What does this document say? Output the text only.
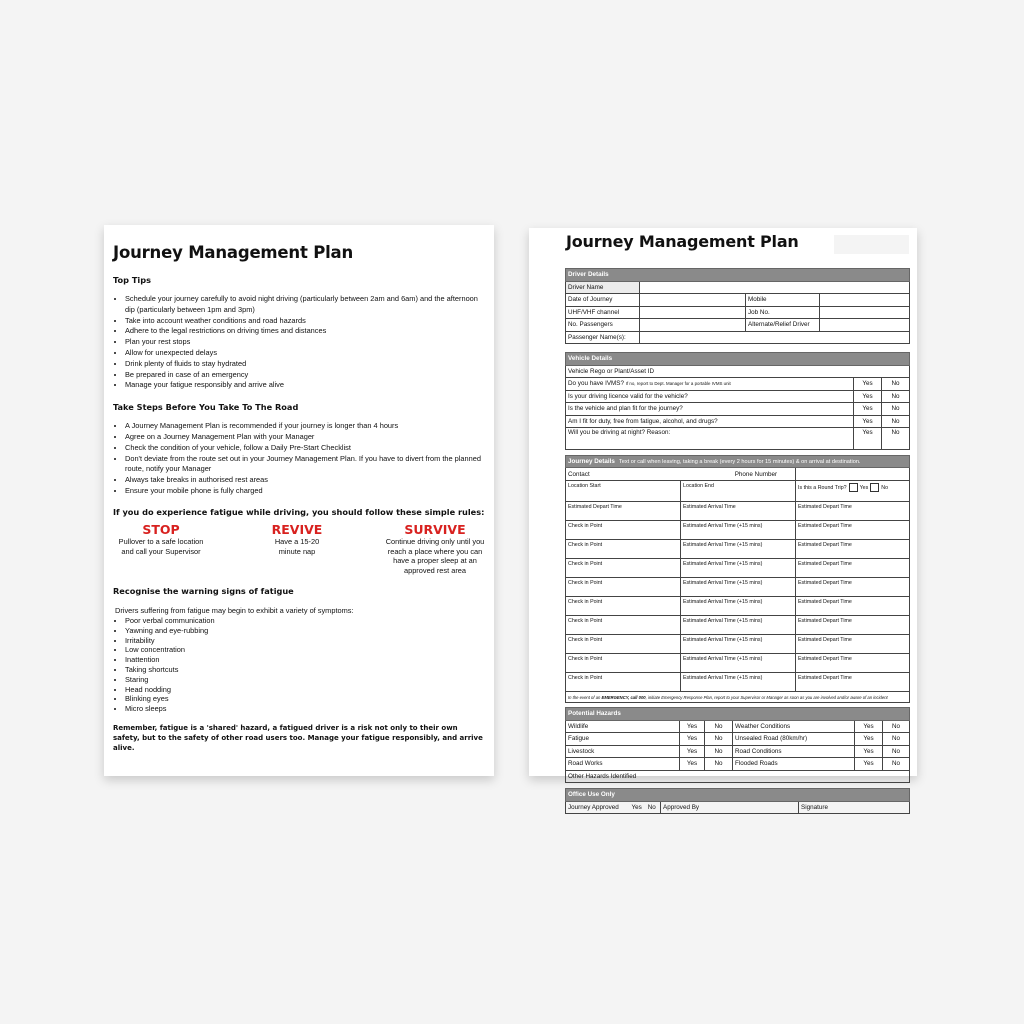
Journey Management Plan
Top Tips
• Schedule your journey carefully to avoid night driving (particularly between 2am and 6am) and the afternoon dip (particularly between 1pm and 3pm)
• Take into account weather conditions and road hazards
• Adhere to the legal restrictions on driving times and distances
• Plan your rest stops
• Allow for unexpected delays
• Drink plenty of fluids to stay hydrated
• Be prepared in case of an emergency
• Manage your fatigue responsibly and arrive alive
Take Steps Before You Take To The Road
• A Journey Management Plan is recommended if your journey is longer than 4 hours
• Agree on a Journey Management Plan with your Manager
• Check the condition of your vehicle, follow a Daily Pre-Start Checklist
• Don't deviate from the route set out in your Journey Management Plan. If you have to divert from the planned route, notify your Manager
• Always take breaks in authorised rest areas
• Ensure your mobile phone is fully charged
If you do experience fatigue while driving, you should follow these simple rules:
STOP
Pullover to a safe location and call your Supervisor
REVIVE
Have a 15-20 minute nap
SURVIVE
Continue driving only until you reach a place where you can have a proper sleep at an approved rest area
Recognise the warning signs of fatigue
Drivers suffering from fatigue may begin to exhibit a variety of symptoms:
• Poor verbal communication
• Yawning and eye-rubbing
• Irritability
• Low concentration
• Inattention
• Taking shortcuts
• Staring
• Head nodding
• Blinking eyes
• Micro sleeps
Remember, fatigue is a 'shared' hazard, a fatigued driver is a risk not only to their own safety, but to the safety of other road users too. Manage your fatigue responsibly, and arrive alive.
Journey Management Plan
Driver Details			
Driver Name			
Date of Journey		Mobile	
UHF/VHF channel		Job No.	
No. Passengers		Alternate/Relief Driver	
Passenger Name(s):			
Vehicle Details		
Vehicle Rego or Plant/Asset ID		
Do you have IVMS? If no, report to Dept. Manager for a portable IVMS unit	Yes	No
Is your driving licence valid for the vehicle?	Yes	No
Is the vehicle and plan fit for the journey?	Yes	No
Am I fit for duty, free from fatigue, alcohol, and drugs?	Yes	No
Will you be driving at night? Reason:	Yes	No
Journey Details Text or call when leaving, taking a break (every 2 hours for 15 minutes) & on arrival at destination.		
Contact Phone Number		
Location Start	Location End	Is this a Round Trip? Yes No
Estimated Depart Time	Estimated Arrival Time	Estimated Depart Time
Check in Point	Estimated Arrival Time (+15 mins)	Estimated Depart Time
Check in Point	Estimated Arrival Time (+15 mins)	Estimated Depart Time
Check in Point	Estimated Arrival Time (+15 mins)	Estimated Depart Time
Check in Point	Estimated Arrival Time (+15 mins)	Estimated Depart Time
Check in Point	Estimated Arrival Time (+15 mins)	Estimated Depart Time
Check in Point	Estimated Arrival Time (+15 mins)	Estimated Depart Time
Check in Point	Estimated Arrival Time (+15 mins)	Estimated Depart Time
Check in Point	Estimated Arrival Time (+15 mins)	Estimated Depart Time
Check in Point	Estimated Arrival Time (+15 mins)	Estimated Depart Time
In the event of an EMERGENCY, call 000, initiate Emergency Response Plan, report to your Supervisor or Manager as soon as you are involved and/or aware of an incident		
Potential Hazards					
Wildlife	Yes	No	Weather Conditions	Yes	No
Fatigue	Yes	No	Unsealed Road (80km/hr)	Yes	No
Livestock	Yes	No	Road Conditions	Yes	No
Road Works	Yes	No	Flooded Roads	Yes	No
Other Hazards Identified					
Office Use Only
Journey Approved	Yes	No	Approved By	Signature
